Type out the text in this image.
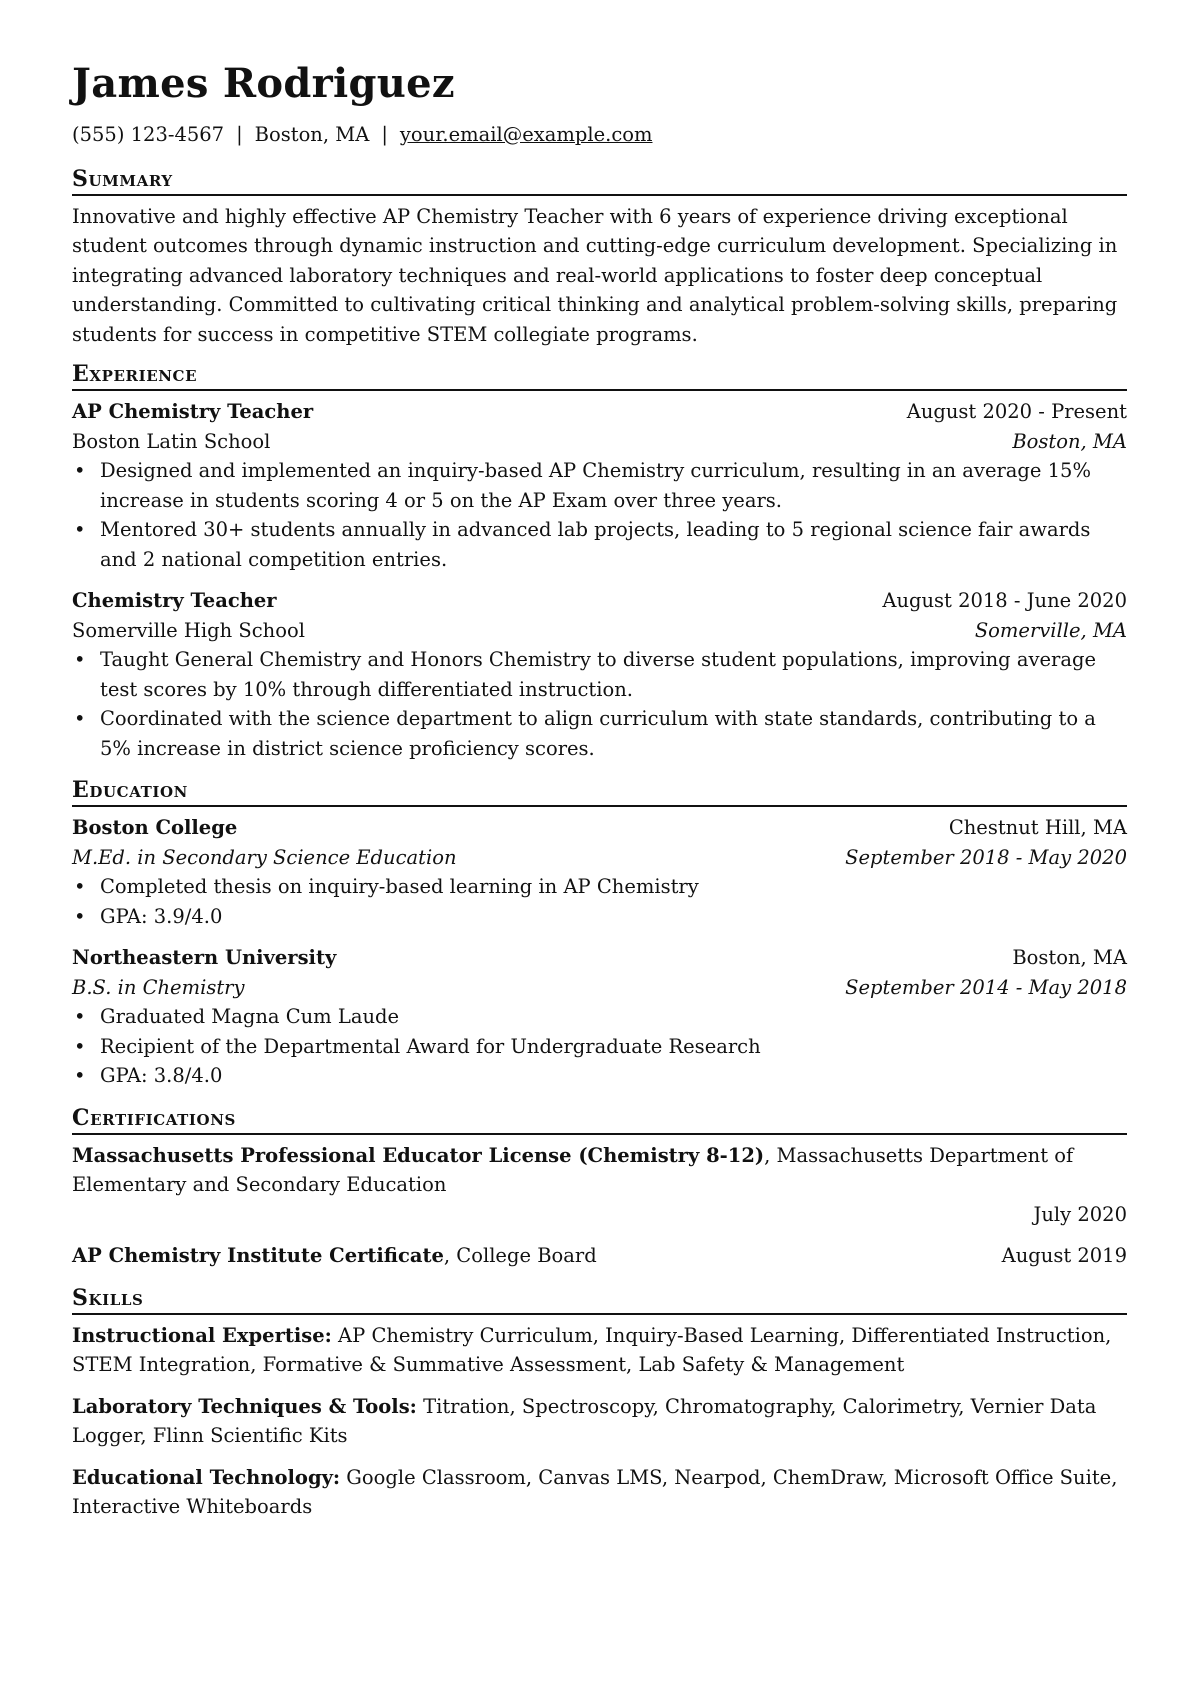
James Rodriguez
(555) 123-4567 | Boston, MA | your.email@example.com
Summary

Innovative and highly effective AP Chemistry Teacher with 6 years of experience driving exceptional student outcomes through dynamic instruction and cutting-edge curriculum development. Specializing in integrating advanced laboratory techniques and real-world applications to foster deep conceptual understanding. Committed to cultivating critical thinking and analytical problem-solving skills, preparing students for success in competitive STEM collegiate programs.

Experience
AP Chemistry Teacher	August 2020 - Present
Boston Latin School	Boston, MA
• Designed and implemented an inquiry-based AP Chemistry curriculum, resulting in an average 15% increase in students scoring 4 or 5 on the AP Exam over three years.
• Mentored 30+ students annually in advanced lab projects, leading to 5 regional science fair awards and 2 national competition entries.
Chemistry Teacher	August 2018 - June 2020
Somerville High School	Somerville, MA
• Taught General Chemistry and Honors Chemistry to diverse student populations, improving average test scores by 10% through differentiated instruction.
• Coordinated with the science department to align curriculum with state standards, contributing to a 5% increase in district science proficiency scores.
Education
Boston College	Chestnut Hill, MA
M.Ed. in Secondary Science Education	September 2018 - May 2020
• Completed thesis on inquiry-based learning in AP Chemistry
• GPA: 3.9/4.0
Northeastern University	Boston, MA
B.S. in Chemistry	September 2014 - May 2018
• Graduated Magna Cum Laude
• Recipient of the Departmental Award for Undergraduate Research
• GPA: 3.8/4.0
Certifications
Massachusetts Professional Educator License (Chemistry 8-12), Massachusetts Department of Elementary and Secondary Education
July 2020
AP Chemistry Institute Certificate, College Board	August 2019
Skills
Instructional Expertise: AP Chemistry Curriculum, Inquiry-Based Learning, Differentiated Instruction, STEM Integration, Formative & Summative Assessment, Lab Safety & Management
Laboratory Techniques & Tools: Titration, Spectroscopy, Chromatography, Calorimetry, Vernier Data Logger, Flinn Scientific Kits
Educational Technology: Google Classroom, Canvas LMS, Nearpod, ChemDraw, Microsoft Office Suite, Interactive Whiteboards
